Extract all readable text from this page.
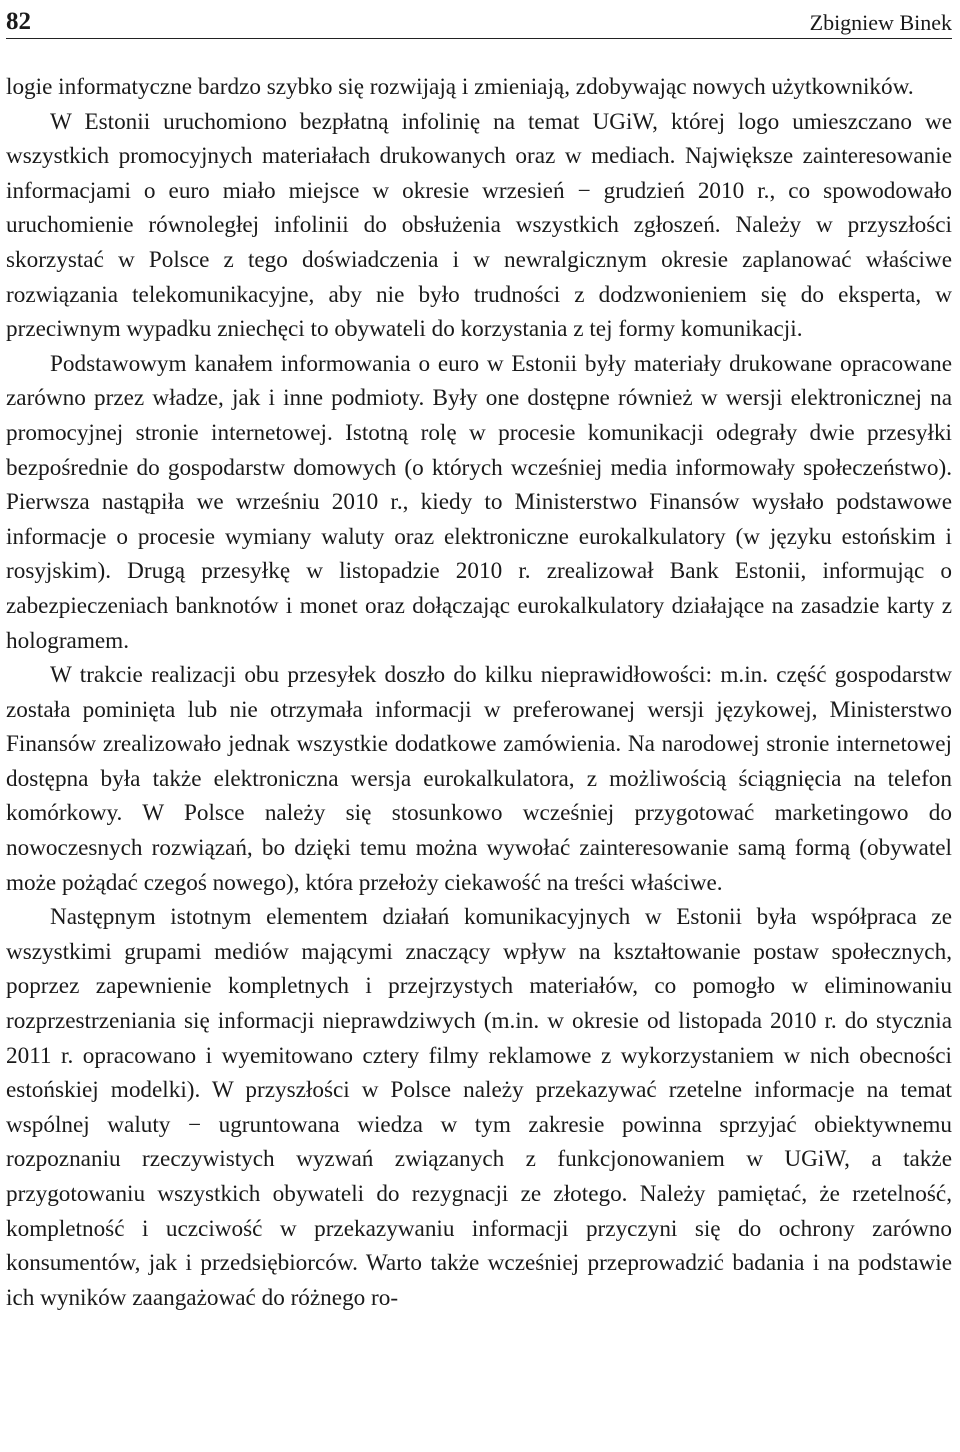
82	Zbigniew Binek

logie informatyczne bardzo szybko się rozwijają i zmieniają, zdobywając nowych użytkowników.

W Estonii uruchomiono bezpłatną infolinię na temat UGiW, której logo umieszczano we wszystkich promocyjnych materiałach drukowanych oraz w mediach. Największe zainteresowanie informacjami o euro miało miejsce w okresie wrzesień − grudzień 2010 r., co spowodowało uruchomienie równoległej infolinii do obsłużenia wszystkich zgłoszeń. Należy w przyszłości skorzystać w Polsce z tego doświadczenia i w newralgicznym okresie zaplanować właściwe rozwiązania telekomunikacyjne, aby nie było trudności z dodzwonieniem się do eksperta, w przeciwnym wypadku zniechęci to obywateli do korzystania z tej formy komunikacji.

Podstawowym kanałem informowania o euro w Estonii były materiały drukowane opracowane zarówno przez władze, jak i inne podmioty. Były one dostępne również w wersji elektronicznej na promocyjnej stronie internetowej. Istotną rolę w procesie komunikacji odegrały dwie przesyłki bezpośrednie do gospodarstw domowych (o których wcześniej media informowały społeczeństwo). Pierwsza nastąpiła we wrześniu 2010 r., kiedy to Ministerstwo Finansów wysłało podstawowe informacje o procesie wymiany waluty oraz elektroniczne eurokalkulatory (w języku estońskim i rosyjskim). Drugą przesyłkę w listopadzie 2010 r. zrealizował Bank Estonii, informując o zabezpieczeniach banknotów i monet oraz dołączając eurokalkulatory działające na zasadzie karty z hologramem.

W trakcie realizacji obu przesyłek doszło do kilku nieprawidłowości: m.in. część gospodarstw została pominięta lub nie otrzymała informacji w preferowanej wersji językowej, Ministerstwo Finansów zrealizowało jednak wszystkie dodatkowe zamówienia. Na narodowej stronie internetowej dostępna była także elektroniczna wersja eurokalkulatora, z możliwością ściągnięcia na telefon komórkowy. W Polsce należy się stosunkowo wcześniej przygotować marketingowo do nowoczesnych rozwiązań, bo dzięki temu można wywołać zainteresowanie samą formą (obywatel może pożądać czegoś nowego), która przełoży ciekawość na treści właściwe.

Następnym istotnym elementem działań komunikacyjnych w Estonii była współpraca ze wszystkimi grupami mediów mającymi znaczący wpływ na kształtowanie postaw społecznych, poprzez zapewnienie kompletnych i przejrzystych materiałów, co pomogło w eliminowaniu rozprzestrzeniania się informacji nieprawdziwych (m.in. w okresie od listopada 2010 r. do stycznia 2011 r. opracowano i wyemitowano cztery filmy reklamowe z wykorzystaniem w nich obecności estońskiej modelki). W przyszłości w Polsce należy przekazywać rzetelne informacje na temat wspólnej waluty − ugruntowana wiedza w tym zakresie powinna sprzyjać obiektywnemu rozpoznaniu rzeczywistych wyzwań związanych z funkcjonowaniem w UGiW, a także przygotowaniu wszystkich obywateli do rezygnacji ze złotego. Należy pamiętać, że rzetelność, kompletność i uczciwość w przekazywaniu informacji przyczyni się do ochrony zarówno konsumentów, jak i przedsiębiorców. Warto także wcześniej przeprowadzić badania i na podstawie ich wyników zaangażować do różnego ro-
